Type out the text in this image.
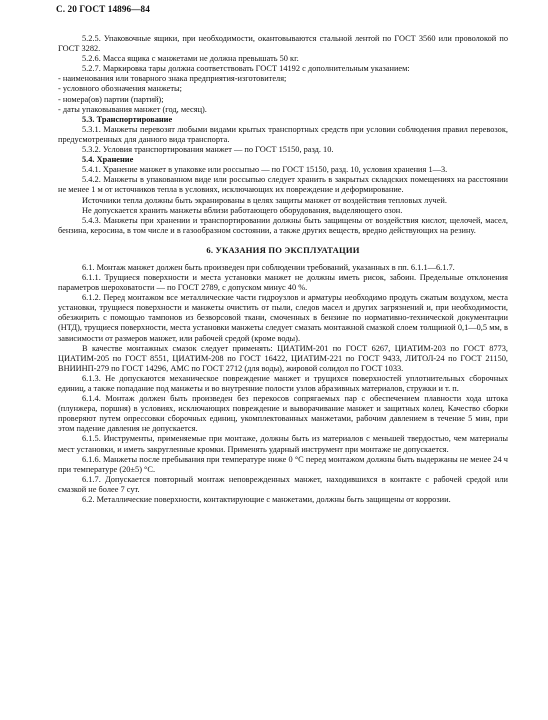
С. 20 ГОСТ 14896—84

5.2.5. Упаковочные ящики, при необходимости, окантовываются стальной лентой по ГОСТ 3560 или проволокой по ГОСТ 3282.

5.2.6. Масса ящика с манжетами не должна превышать 50 кг.

5.2.7. Маркировка тары должна соответствовать ГОСТ 14192 с дополнительным указанием:

- наименования или товарного знака предприятия-изготовителя;

- условного обозначения манжеты;

- номера(ов) партии (партий);

- даты упаковывания манжет (год, месяц).

5.3. Транспортирование

5.3.1. Манжеты перевозят любыми видами крытых транспортных средств при условии соблюдения правил перевозок, предусмотренных для данного вида транспорта.

5.3.2. Условия транспортирования манжет — по ГОСТ 15150, разд. 10.

5.4. Хранение

5.4.1. Хранение манжет в упаковке или россыпью — по ГОСТ 15150, разд. 10, условия хранения 1—3.

5.4.2. Манжеты в упакованном виде или россыпью следует хранить в закрытых складских помещениях на расстоянии не менее 1 м от источников тепла в условиях, исключающих их повреждение и деформирование.

Источники тепла должны быть экранированы в целях защиты манжет от воздействия тепловых лучей.

Не допускается хранить манжеты вблизи работающего оборудования, выделяющего озон.

5.4.3. Манжеты при хранении и транспортировании должны быть защищены от воздействия кислот, щелочей, масел, бензина, керосина, в том числе и в газообразном состоянии, а также других веществ, вредно действующих на резину.

6. УКАЗАНИЯ ПО ЭКСПЛУАТАЦИИ

6.1. Монтаж манжет должен быть произведен при соблюдении требований, указанных в пп. 6.1.1—6.1.7.

6.1.1. Трущиеся поверхности и места установки манжет не должны иметь рисок, забоин. Предельные отклонения параметров шероховатости — по ГОСТ 2789, с допуском минус 40 %.

6.1.2. Перед монтажом все металлические части гидроузлов и арматуры необходимо продуть сжатым воздухом, места установки, трущиеся поверхности и манжеты очистить от пыли, следов масел и других загрязнений и, при необходимости, обезжирить с помощью тампонов из безворсовой ткани, смоченных в бензине по нормативно-технической документации (НТД), трущиеся поверхности, места установки манжеты следует смазать монтажной смазкой слоем толщиной 0,1—0,5 мм, в зависимости от размеров манжет, или рабочей средой (кроме воды).

В качестве монтажных смазок следует применять: ЦИАТИМ-201 по ГОСТ 6267, ЦИАТИМ-203 по ГОСТ 8773, ЦИАТИМ-205 по ГОСТ 8551, ЦИАТИМ-208 по ГОСТ 16422, ЦИАТИМ-221 по ГОСТ 9433, ЛИТОЛ-24 по ГОСТ 21150, ВНИИНП-279 по ГОСТ 14296, АМС по ГОСТ 2712 (для воды), жировой солидол по ГОСТ 1033.

6.1.3. Не допускаются механическое повреждение манжет и трущихся поверхностей уплотнительных сборочных единиц, а также попадание под манжеты и во внутренние полости узлов абразивных материалов, стружки и т. п.

6.1.4. Монтаж должен быть произведен без перекосов сопрягаемых пар с обеспечением плавности хода штока (плунжера, поршня) в условиях, исключающих повреждение и выворачивание манжет и защитных колец. Качество сборки проверяют путем опрессовки сборочных единиц, укомплектованных манжетами, рабочим давлением в течение 5 мин, при этом падение давления не допускается.

6.1.5. Инструменты, применяемые при монтаже, должны быть из материалов с меньшей твердостью, чем материалы мест установки, и иметь закругленные кромки. Применять ударный инструмент при монтаже не допускается.

6.1.6. Манжеты после пребывания при температуре ниже 0 °С перед монтажом должны быть выдержаны не менее 24 ч при температуре (20±5) °С.

6.1.7. Допускается повторный монтаж неповрежденных манжет, находившихся в контакте с рабочей средой или смазкой не более 7 сут.

6.2. Металлические поверхности, контактирующие с манжетами, должны быть защищены от коррозии.
